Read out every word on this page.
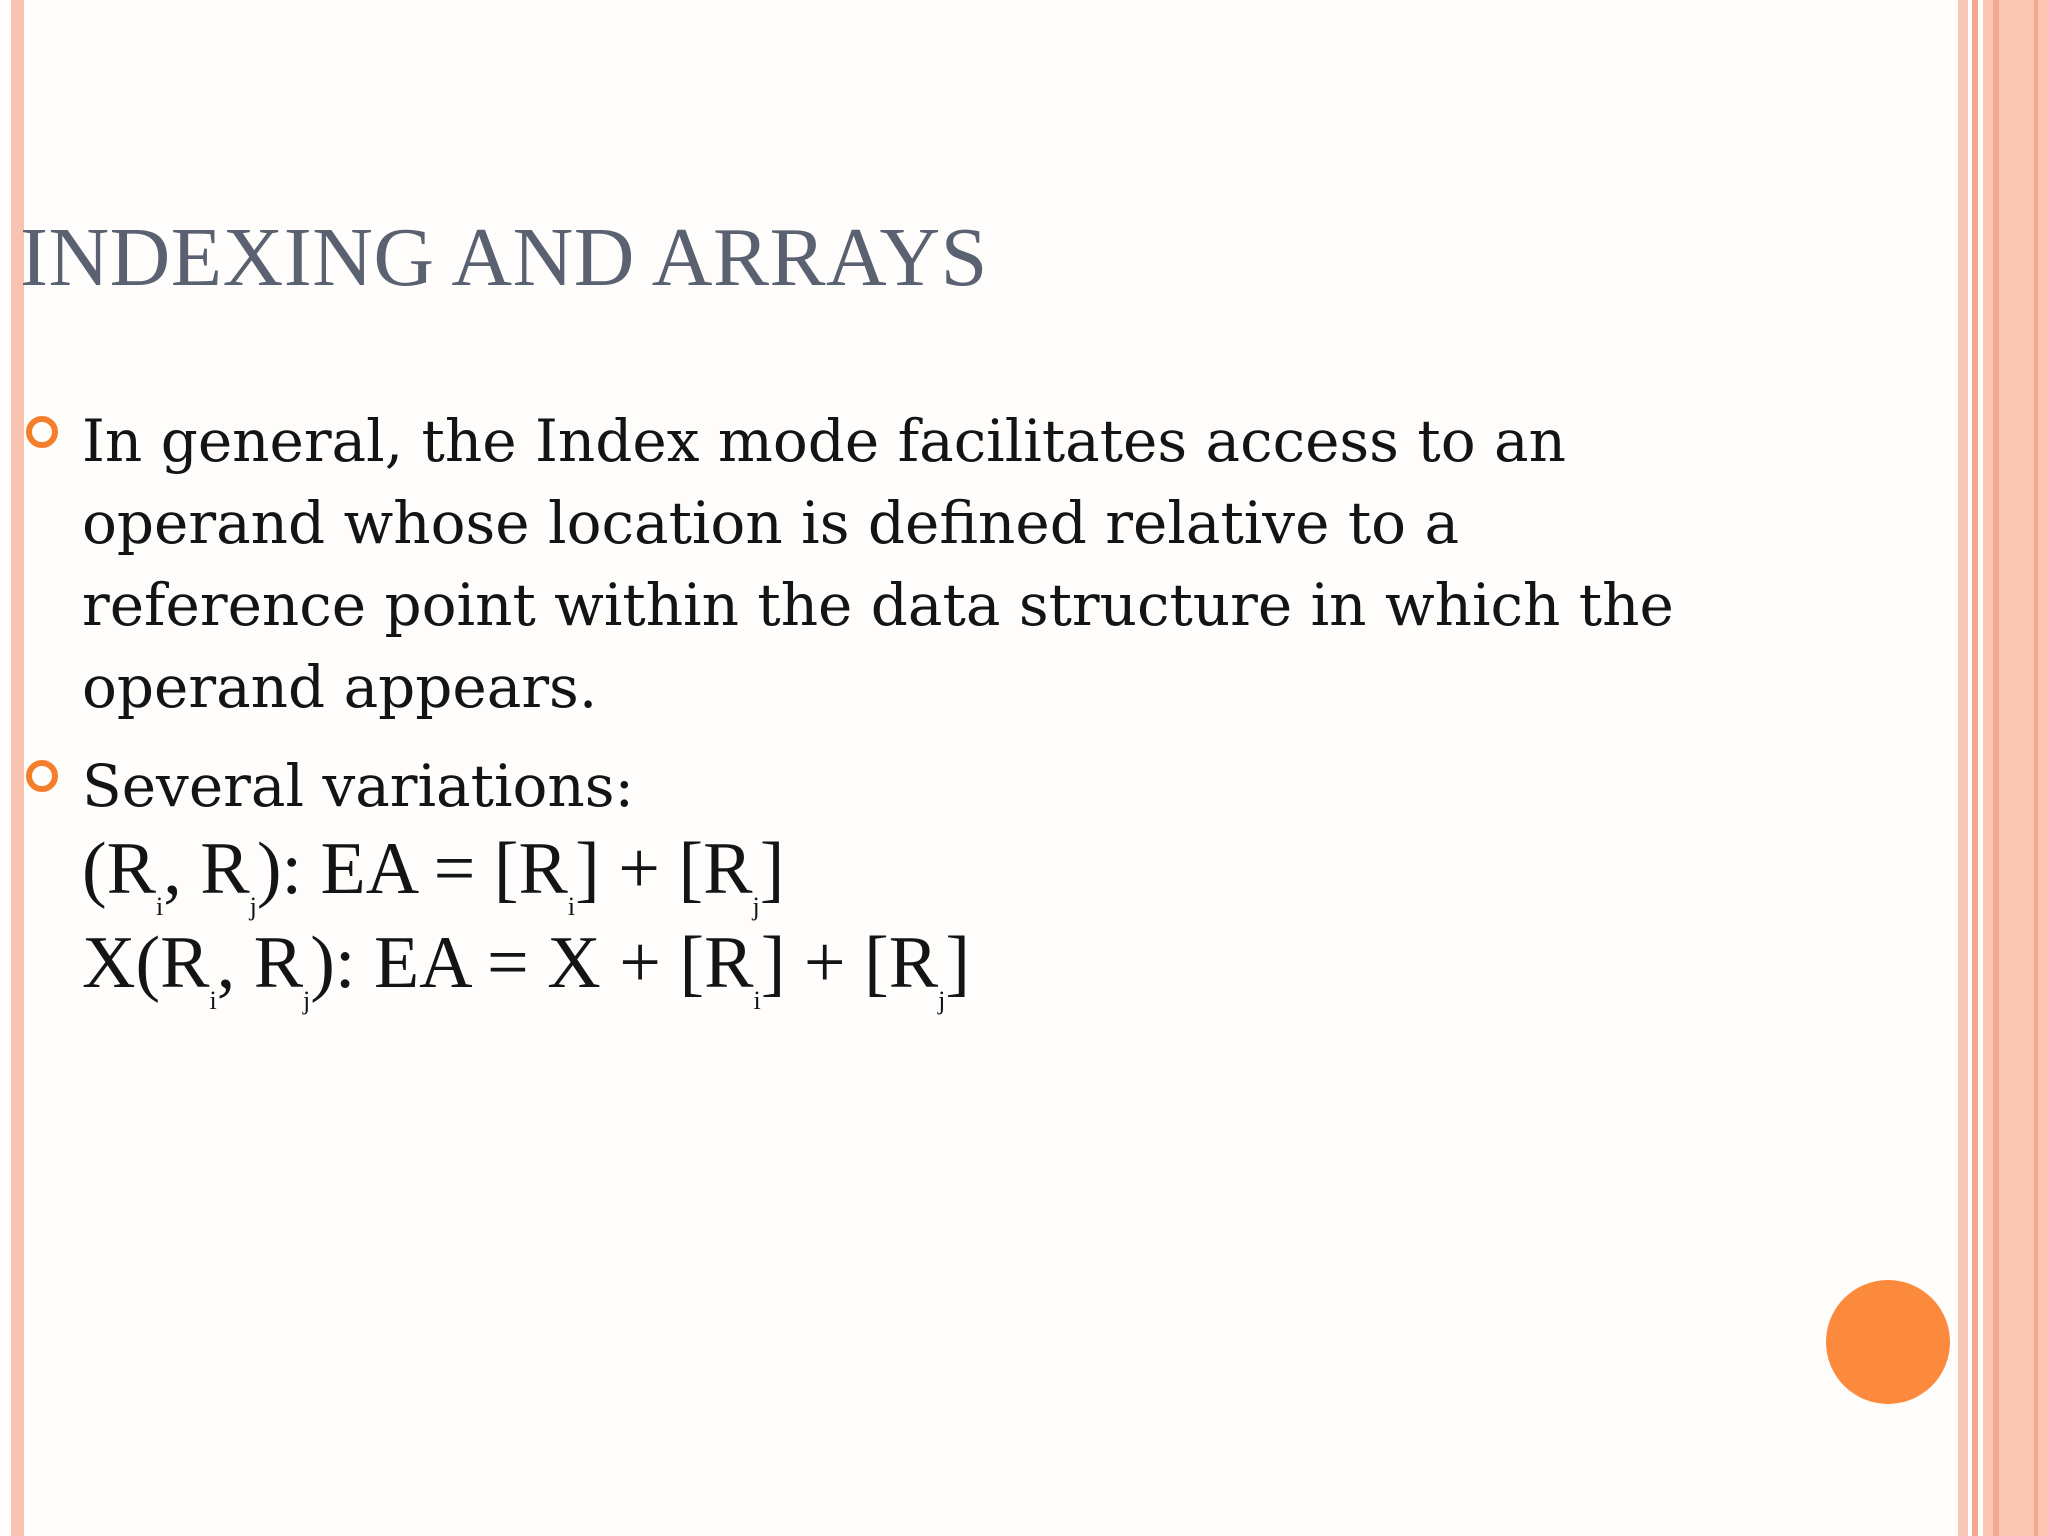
INDEXING AND ARRAYS

In general, the Index mode facilitates access to an

operand whose location is defined relative to a

reference point within the data structure in which the

operand appears.

Several variations:

($R_i$, $R_j$): EA = $[R_i] + [R_j]$
$X(R_i$, $R_j$): EA = $X + [R_i] + [R_j]$
